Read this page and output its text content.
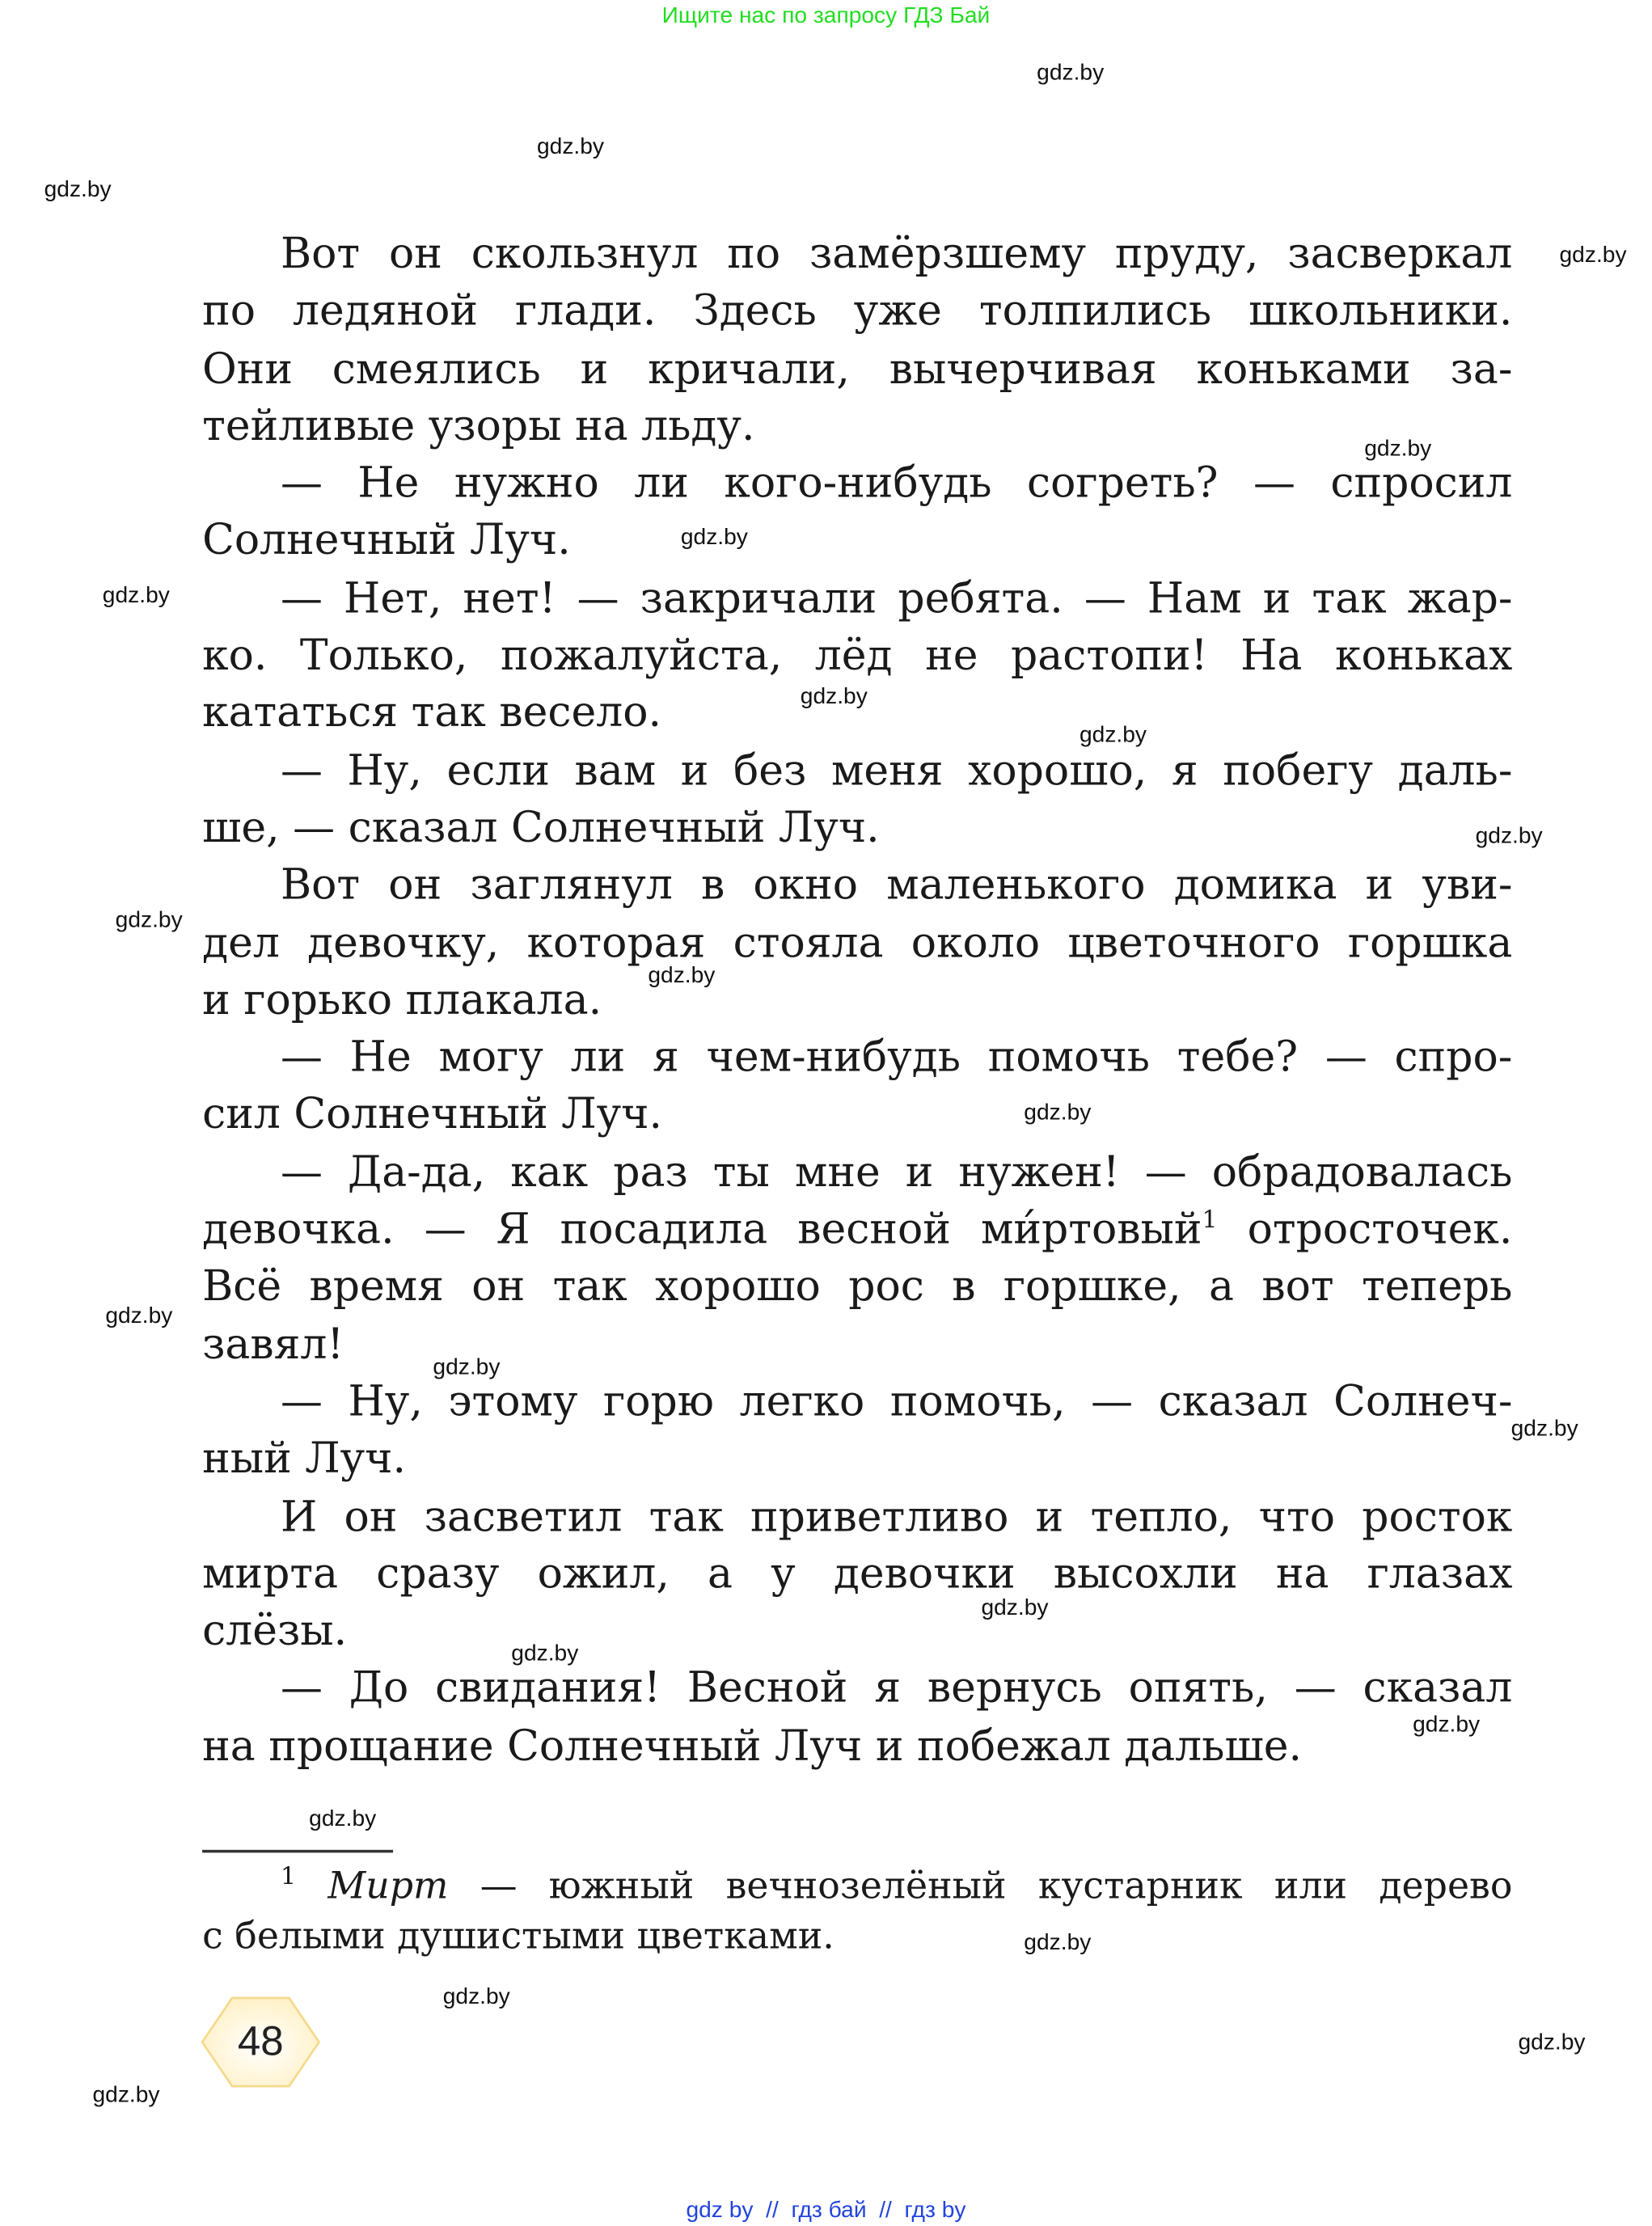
Ищите нас по запросу ГДЗ Бай
Вот он скользнул по замёрзшему пруду, засверкал
по ледяной глади. Здесь уже толпились школьники.
Они смеялись и кричали, вычерчивая коньками за-
тейливые узоры на льду.
— Не нужно ли кого-нибудь согреть? — спросил
Солнечный Луч.
— Нет, нет! — закричали ребята. — Нам и так жар-
ко. Только, пожалуйста, лёд не растопи! На коньках
кататься так весело.
— Ну, если вам и без меня хорошо, я побегу даль-
ше, — сказал Солнечный Луч.
Вот он заглянул в окно маленького домика и уви-
дел девочку, которая стояла около цветочного горшка
и горько плакала.
— Не могу ли я чем-нибудь помочь тебе? — спро-
сил Солнечный Луч.
— Да-да, как раз ты мне и нужен! — обрадовалась
девочка. — Я посадила весной ми́ртовый$^1$ отросточек.
Всё время он так хорошо рос в горшке, а вот теперь
завял!
— Ну, этому горю легко помочь, — сказал Солнеч-
ный Луч.
И он засветил так приветливо и тепло, что росток
мирта сразу ожил, а у девочки высохли на глазах
слёзы.
— До свидания! Весной я вернусь опять, — сказал
на прощание Солнечный Луч и побежал дальше.
$^1$ Мирт — южный вечнозелёный кустарник или дерево
с белыми душистыми цветками.
48
gdz.by
gdz.by
gdz.by
gdz.by
gdz.by
gdz.by
gdz.by
gdz.by
gdz.by
gdz.by
gdz.by
gdz.by
gdz.by
gdz.by
gdz.by
gdz.by
gdz.by
gdz.by
gdz.by
gdz.by
gdz.by
gdz.by
gdz.by
gdz.by
gdz by  //  гдз бай  //  гдз by
